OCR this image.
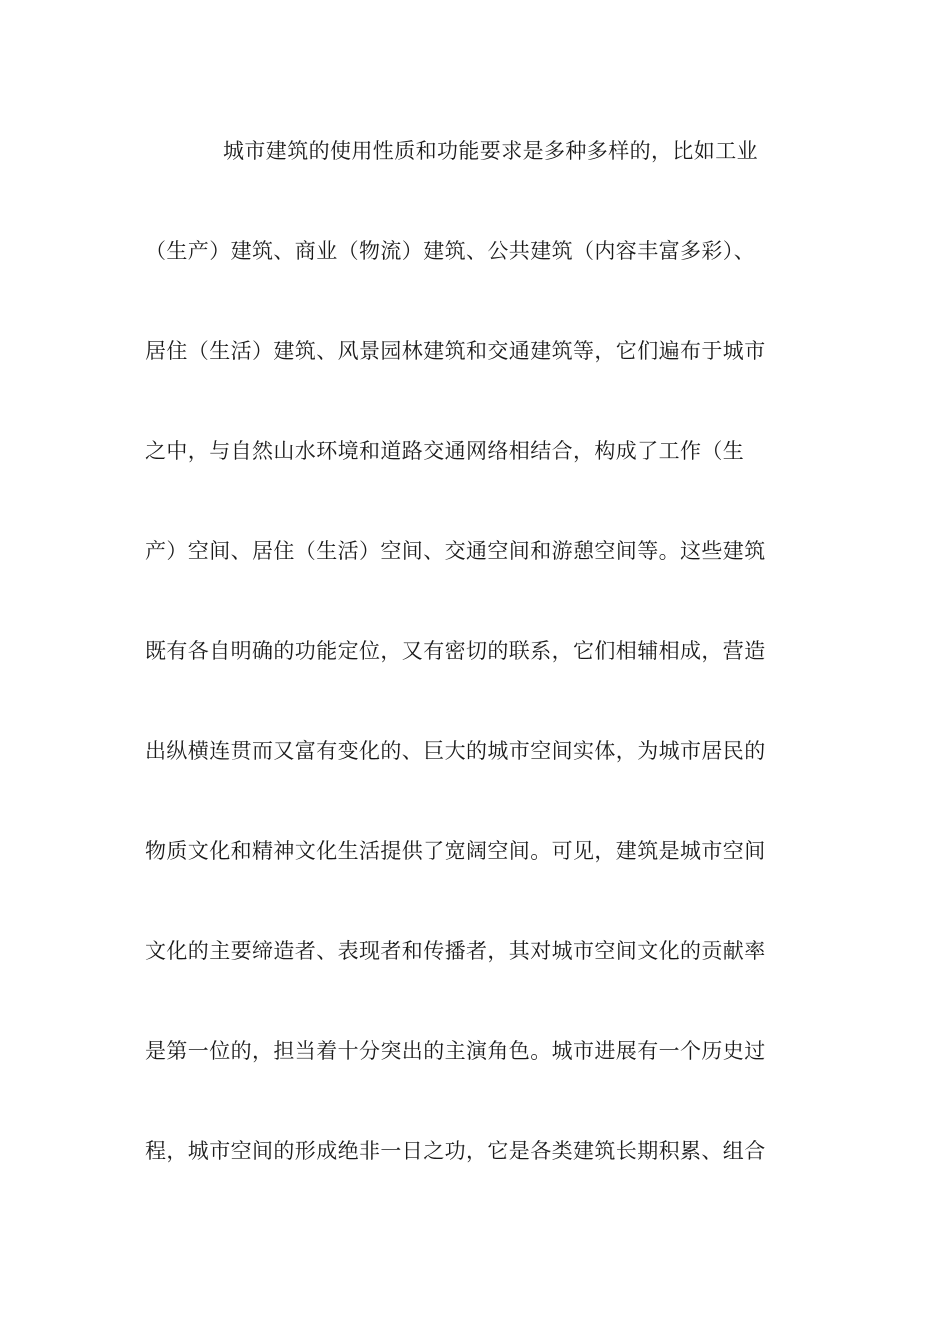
城市建筑的使用性质和功能要求是多种多样的，比如工业
（生产）建筑、商业（物流）建筑、公共建筑（内容丰富多彩）、
居住（生活）建筑、风景园林建筑和交通建筑等，它们遍布于城市
之中，与自然山水环境和道路交通网络相结合，构成了工作（生
产）空间、居住（生活）空间、交通空间和游憩空间等。这些建筑
既有各自明确的功能定位，又有密切的联系，它们相辅相成，营造
出纵横连贯而又富有变化的、巨大的城市空间实体，为城市居民的
物质文化和精神文化生活提供了宽阔空间。可见，建筑是城市空间
文化的主要缔造者、表现者和传播者，其对城市空间文化的贡献率
是第一位的，担当着十分突出的主演角色。城市进展有一个历史过
程，城市空间的形成绝非一日之功，它是各类建筑长期积累、组合
